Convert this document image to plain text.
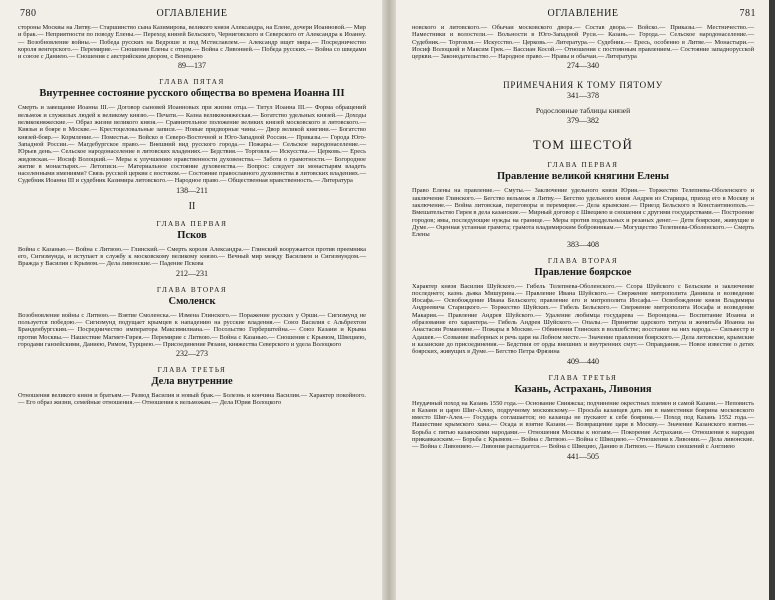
780	ОГЛАВЛЕНИЕ

стороны Москвы на Литву.— Старшинство сына Казимирова, великого князя Александра, на Елене, дочери Иоанновой.— Мир и брак.— Неприятности по поводу Елены.— Переход князей Бельского, Черниговского и Северского от Александра к Иоанну.— Возобновление войны.— Победа русских на Ведроше и под Мстиславлем.— Александр ищет мира.— Посредничество короля венгерского.— Перемирие.— Сношения Елены с отцом.— Война с Ливонией.— Победа русских.— Война со шведами и союзе с Даниею.— Сношения с австрийским двором, с Венециею

89—137
ГЛАВА ПЯТАЯ
Внутреннее состояние русского общества во времена Иоанна III

Смерть и завещание Иоанна III.— Договор сыновей Иоанновых при жизни отца.— Титул Иоанна III.— Форма обращений вельмож и служилых людей к великому князю.— Печати.— Казна великокняжеская.— Богатство удельных князей.— Доходы великокняжеские.— Образ жизни великого князя.— Сравнительное положение великих князей московского и литовского.— Киязья и бояре в Москве.— Крестоцеловальные записи.— Новые придворные чины.— Двор великой княгини.— Богатство князей-бояр.— Кормление.— Поместья.— Войско в Северо-Восточной и Юго-Западной России.— Приказы.— Города Юго-Западной России.— Магдебургское право.— Внешний вид русского города.— Пожары.— Сельское народонаселение.— Юрьев день.— Сельское народонаселение в литовских владениях.— Бедствия.— Торговля.— Искусства.— Церковь.— Ересь жидовская.— Иосиф Волоцкий.— Меры к улучшению нравственности духовенства.— Забота о грамотности.— Богородное житие в монастырях.— Летописи.— Материальное состояние духовенства.— Вопрос: следует ли монастырям владеть населенными имениями? Связь русской церкви с востоком.— Состояние православного духовенства в литовских владениях.— Судебник Иоанна III и судебник Казимира литовского.— Народное право.— Общественная нравственность.— Литература

138—211
II
ГЛАВА ПЕРВАЯ
Псков

Война с Казанью.— Война с Литвою.— Глинский.— Смерть короля Александра.— Глинский вооружается против преемника его, Сигизмунда, и вступает в службу к московскому великому князю.— Вечный мир между Василием и Сигизмундом.— Вражда у Василия с Крымом.— Дела ливонские.— Падение Пскова

212—231
ГЛАВА ВТОРАЯ
Смоленск

Возобновление войны с Литвою.— Взятие Смоленска.— Измена Глинского.— Поражение русских у Орши.— Сигизмунд не пользуется победою.— Сигизмунд подущает крымцев к нападению на русские владения.— Союз Василия с Альбрехтом Бранденбургским.— Посредничество императора Максимилиана.— Посольство Герберштейна.— Союз Казани и Крыма против Москвы.— Нашествие Магмет-Гирея.— Перемирие с Литвою.— Война с Казанью.— Сношения с Крымом, Швециею, городами ганзейскими, Даниею, Римом, Турциею.— Присоединение Рязани, княжества Северского и удела Волоцкого

232—273
ГЛАВА ТРЕТЬЯ
Дела внутренние

Отношения великого князя и братьям.— Развод Василия и новый брак.— Болезнь и кончина Василия.— Характер покойного.— Его образ жизни, семейные отношения.— Отношения к вельможам.— Дела Юрия Волоцкого

ОГЛАВЛЕНИЕ	781

новского и литовского.— Обычаи московского двора.— Состав двора.— Войско.— Приказы.— Местничество.— Наместники и волостели.— Вольности в Юго-Западной Руси.— Казань.— Города.— Сельское народонаселение.— Судебник.— Торговля.— Искусство.— Церковь.— Литература.— Судебник.— Ересь, особенно в Литве.— Монастыри.— Иосиф Волоцкий и Максим Грек.— Вассиан Косой.— Отношения с постоянным правлением.— Состояние западнорусской церкви.— Законодательство.— Народное право.— Нравы и обычаи.— Литература

274—340
ПРИМЕЧАНИЯ К ТОМУ ПЯТОМУ
341—378
Родословные таблицы князей
379—382
ТОМ ШЕСТОЙ
ГЛАВА ПЕРВАЯ
Правление великой княгини Елены

Право Елены на правление.— Смуты.— Заключение удельного князя Юрия.— Торжество Телепнева-Оболенского и заключение Глинского.— Бегство вельмож в Литву.— Бегство удельного князя Андрея из Старицы, приход его в Москву и заключение.— Война литовская, переговоры и перемирие.— Дела крымские.— Приезд Бельского в Константинополь.— Вмешательство Гирея в дела казанские.— Мирный договор с Швециею и сношения с другими государствами.— Построение городов; ямы, последующие нужды на границе.— Меры против поддельных и резаных денег.— Дети боярские, живущие в Думе.— Оценная устанная грамота; грамота владимирским бобровникам.— Могущество Телепнева-Оболенского.— Смерть Елены

383—408
ГЛАВА ВТОРАЯ
Правление боярское

Характер князя Василия Шуйского.— Гибель Телепнева-Оболенского.— Ссора Шуйского с Бельским и заключение последнего; казнь дьяка Мишурина.— Правление Ивана Шуйского.— Свержение митрополита Даниила и возведение Иосафа.— Освобождение Ивана Бельского; правление его и митрополита Иосафа.— Освобождение князя Владимира Андреевича Старицкого.— Торжество Шуйских.— Гибель Бельского.— Свержение митрополита Иосафа и возведение Макария.— Правление Андрея Шуйского.— Удаление любимца государева — Воронцова.— Воспитание Иоанна и образование его характера.— Гибель Андрея Шуйского.— Опалы.— Принятие царского титула и женитьба Иоанна на Анастасии Романовне.— Пожары в Москве.— Обвинения Глинских в волшебстве; восстание на них народа.— Сильвестр и Адашев.— Созвание выборных и речь царя на Лобном месте.— Значение правления боярского.— Дела литовские, крымские и казанские до присоединения.— Бедствия от орды внешних и внутренних смут.— Оправдания.— Новое известие о детях боярских, живущих в Думе.— Бегство Петра Фрязина

409—440
ГЛАВА ТРЕТЬЯ
Казань, Астрахань, Ливония

Неудачный поход на Казань 1550 года.— Основание Свияжска; подчинение окрестных племен и самой Казани.— Неповисть в Казани и царю Шиг-Алею, подручному московскому.— Просьба казанцев дать им в наместники боярина московского вместо Шиг-Алея.— Государь соглашается; но казанцы не пускают к себе боярина.— Поход под Казань 1552 года.— Нашествие крымского хана.— Осада и взятие Казани.— Возвращение царя в Москву.— Значение Казанского взятия.— Борьба с пятью казанскими народами.— Отношения Москвы к ногаям.— Покорение Астрахани.— Отношения к народам прикавказским.— Борьба с Крымом.— Война с Литвою.— Война с Швециею.— Отношения к Ливонии.— Дела ливонские.— Война с Ливониею.— Ливония распадается.— Война с Швецию, Данию и Литвою.— Начало сношений с Англиею

441—505
